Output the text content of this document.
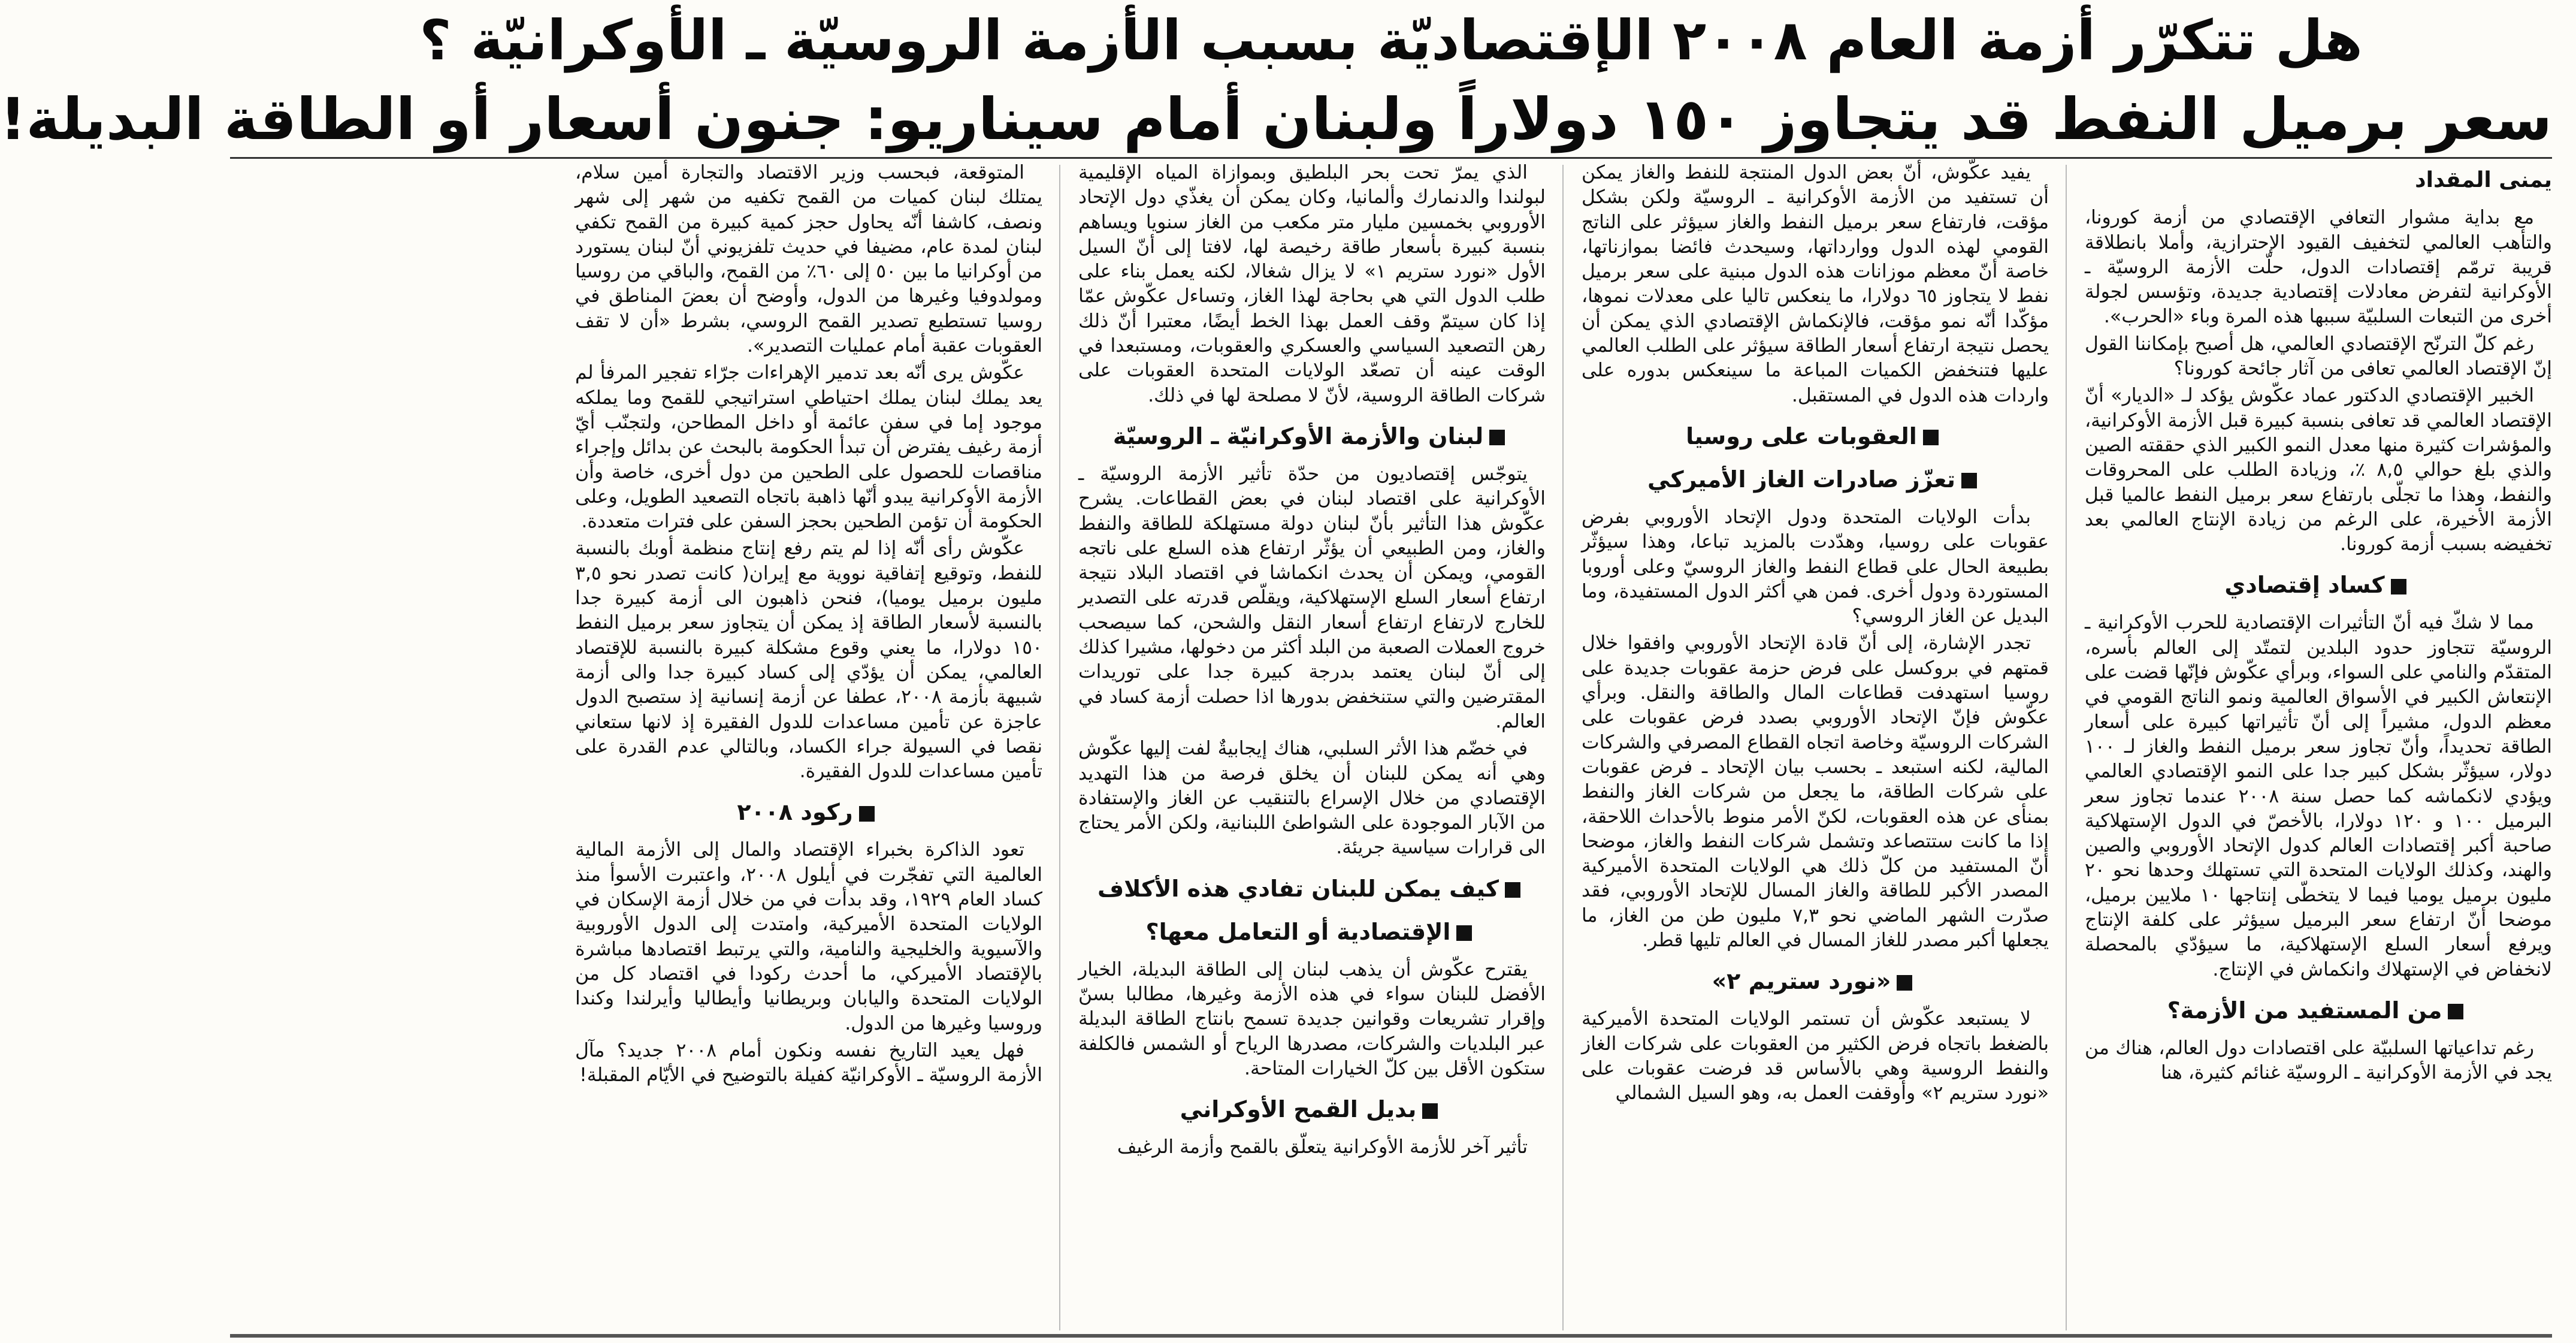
هل تتكرّر أزمة العام ٢٠٠٨ الإقتصاديّة بسبب الأزمة الروسيّة ـ الأوكرانيّة ؟
سعر برميل النفط قد يتجاوز ١٥٠ دولاراً ولبنان أمام سيناريو: جنون أسعار أو الطاقة البديلة!
يمنى المقداد

مع بداية مشوار التعافي الإقتصادي من أزمة كورونا، والتأهب العالمي لتخفيف القيود الإحترازية، وأملا بانطلاقة قريبة ترمّم إقتصادات الدول، حلّت الأزمة الروسيّة ـ الأوكرانية لتفرض معادلات إقتصادية جديدة، وتؤسس لجولة أخرى من التبعات السلبيّة سببها هذه المرة وباء «الحرب».

رغم كلّ الترنّح الإقتصادي العالمي، هل أصبح بإمكاننا القول إنّ الإقتصاد العالمي تعافى من آثار جائحة كورونا؟

الخبير الإقتصادي الدكتور عماد عكّوش يؤكد لـ «الديار» أنّ الإقتصاد العالمي قد تعافى بنسبة كبيرة قبل الأزمة الأوكرانية، والمؤشرات كثيرة منها معدل النمو الكبير الذي حققته الصين والذي بلغ حوالي ٨,٥ ٪، وزيادة الطلب على المحروقات والنفط، وهذا ما تجلّى بارتفاع سعر برميل النفط عالميا قبل الأزمة الأخيرة، على الرغم من زيادة الإنتاج العالمي بعد تخفيضه بسبب أزمة كورونا.

كساد إقتصادي

مما لا شكّ فيه أنّ التأثيرات الإقتصادية للحرب الأوكرانية ـ الروسيّة تتجاوز حدود البلدين لتمتّد إلى العالم بأسره، المتقدّم والنامي على السواء، وبرأي عكّوش فإنّها قضت على الإنتعاش الكبير في الأسواق العالمية ونمو الناتج القومي في معظم الدول، مشيراً إلى أنّ تأثيراتها كبيرة على أسعار الطاقة تحديداً، وأنّ تجاوز سعر برميل النفط والغاز لـ ١٠٠ دولار، سيؤثّر بشكل كبير جدا على النمو الإقتصادي العالمي ويؤدي لانكماشه كما حصل سنة ٢٠٠٨ عندما تجاوز سعر البرميل ١٠٠ و ١٢٠ دولارا، بالأخصّ في الدول الإستهلاكية صاحبة أكبر إقتصادات العالم كدول الإتحاد الأوروبي والصين والهند، وكذلك الولايات المتحدة التي تستهلك وحدها نحو ٢٠ مليون برميل يوميا فيما لا يتخطّى إنتاجها ١٠ ملايين برميل، موضحا أنّ ارتفاع سعر البرميل سيؤثر على كلفة الإنتاج ويرفع أسعار السلع الإستهلاكية، ما سيؤدّي بالمحصلة لانخفاض في الإستهلاك وانكماش في الإنتاج.

من المستفيد من الأزمة؟

رغم تداعياتها السلبيّة على اقتصادات دول العالم، هناك من يجد في الأزمة الأوكرانية ـ الروسيّة غنائم كثيرة، هنا

يفيد عكّوش، أنّ بعض الدول المنتجة للنفط والغاز يمكن أن تستفيد من الأزمة الأوكرانية ـ الروسيّة ولكن بشكل مؤقت، فارتفاع سعر برميل النفط والغاز سيؤثر على الناتج القومي لهذه الدول ووارداتها، وسيحدث فائضا بموازناتها، خاصة أنّ معظم موزانات هذه الدول مبنية على سعر برميل نفط لا يتجاوز ٦٥ دولارا، ما ينعكس تاليا على معدلات نموها، مؤكّدا أنّه نمو مؤقت، فالإنكماش الإقتصادي الذي يمكن أن يحصل نتيجة ارتفاع أسعار الطاقة سيؤثر على الطلب العالمي عليها فتنخفض الكميات المباعة ما سينعكس بدوره على واردات هذه الدول في المستقبل.

العقوبات على روسيا
تعزّز صادرات الغاز الأميركي

بدأت الولايات المتحدة ودول الإتحاد الأوروبي بفرض عقوبات على روسيا، وهدّدت بالمزيد تباعا، وهذا سيؤثّر بطبيعة الحال على قطاع النفط والغاز الروسيّ وعلى أوروبا المستوردة ودول أخرى. فمن هي أكثر الدول المستفيدة، وما البديل عن الغاز الروسي؟

تجدر الإشارة، إلى أنّ قادة الإتحاد الأوروبي وافقوا خلال قمتهم في بروكسل على فرض حزمة عقوبات جديدة على روسيا استهدفت قطاعات المال والطاقة والنقل. وبرأي عكّوش فإنّ الإتحاد الأوروبي بصدد فرض عقوبات على الشركات الروسيّة وخاصة اتجاه القطاع المصرفي والشركات المالية، لكنه استبعد ـ بحسب بيان الإتحاد ـ فرض عقوبات على شركات الطاقة، ما يجعل من شركات الغاز والنفط بمنأى عن هذه العقوبات، لكنّ الأمر منوط بالأحداث اللاحقة، إذا ما كانت ستتصاعد وتشمل شركات النفط والغاز، موضحا أنّ المستفيد من كلّ ذلك هي الولايات المتحدة الأميركية المصدر الأكبر للطاقة والغاز المسال للإتحاد الأوروبي، فقد صدّرت الشهر الماضي نحو ٧,٣ مليون طن من الغاز، ما يجعلها أكبر مصدر للغاز المسال في العالم تليها قطر.

«نورد ستريم ٢»

لا يستبعد عكّوش أن تستمر الولايات المتحدة الأميركية بالضغط باتجاه فرض الكثير من العقوبات على شركات الغاز والنفط الروسية وهي بالأساس قد فرضت عقوبات على «نورد ستريم ٢» وأوقفت العمل به، وهو السيل الشمالي

الذي يمرّ تحت بحر البلطيق وبموازاة المياه الإقليمية لبولندا والدنمارك وألمانيا، وكان يمكن أن يغذّي دول الإتحاد الأوروبي بخمسين مليار متر مكعب من الغاز سنويا ويساهم بنسبة كبيرة بأسعار طاقة رخيصة لها، لافتا إلى أنّ السيل الأول «نورد ستريم ١» لا يزال شغالا، لكنه يعمل بناء على طلب الدول التي هي بحاجة لهذا الغاز، وتساءل عكّوش عمّا إذا كان سيتمّ وقف العمل بهذا الخط أيضًا، معتبرا أنّ ذلك رهن التصعيد السياسي والعسكري والعقوبات، ومستبعدا في الوقت عينه أن تصعّد الولايات المتحدة العقوبات على شركات الطاقة الروسية، لأنّ لا مصلحة لها في ذلك.

لبنان والأزمة الأوكرانيّة ـ الروسيّة

يتوجّس إقتصاديون من حدّة تأثير الأزمة الروسيّة ـ الأوكرانية على اقتصاد لبنان في بعض القطاعات. يشرح عكّوش هذا التأثير بأنّ لبنان دولة مستهلكة للطاقة والنفط والغاز، ومن الطبيعي أن يؤثّر ارتفاع هذه السلع على ناتجه القومي، ويمكن أن يحدث انكماشا في اقتصاد البلاد نتيجة ارتفاع أسعار السلع الإستهلاكية، ويقلّص قدرته على التصدير للخارج لارتفاع ارتفاع أسعار النقل والشحن، كما سيصحب خروج العملات الصعبة من البلد أكثر من دخولها، مشيرا كذلك إلى أنّ لبنان يعتمد بدرجة كبيرة جدا على توريدات المقترضين والتي ستنخفض بدورها اذا حصلت أزمة كساد في العالم.

في خضّم هذا الأثر السلبي، هناك إيجابيةٌ لفت إليها عكّوش وهي أنه يمكن للبنان أن يخلق فرصة من هذا التهديد الإقتصادي من خلال الإسراع بالتنقيب عن الغاز والإستفادة من الآبار الموجودة على الشواطئ اللبنانية، ولكن الأمر يحتاج الى قرارات سياسية جريئة.

كيف يمكن للبنان تفادي هذه الأكلاف
الإقتصادية أو التعامل معها؟

يقترح عكّوش أن يذهب لبنان إلى الطاقة البديلة، الخيار الأفضل للبنان سواء في هذه الأزمة وغيرها، مطالبا بسنّ وإقرار تشريعات وقوانين جديدة تسمح بانتاج الطاقة البديلة عبر البلديات والشركات، مصدرها الرياح أو الشمس فالكلفة ستكون الأقل بين كلّ الخيارات المتاحة.

بديل القمح الأوكراني

تأثير آخر للأزمة الأوكرانية يتعلّق بالقمح وأزمة الرغيف

المتوقعة، فبحسب وزير الاقتصاد والتجارة أمين سلام، يمتلك لبنان كميات من القمح تكفيه من شهر إلى شهر ونصف، كاشفا أنّه يحاول حجز كمية كبيرة من القمح تكفي لبنان لمدة عام، مضيفا في حديث تلفزيوني أنّ لبنان يستورد من أوكرانيا ما بين ٥٠ إلى ٦٠٪ من القمح، والباقي من روسيا ومولدوفيا وغيرها من الدول، وأوضح أن بعضَ المناطق في روسيا تستطيع تصدير القمح الروسي، بشرط «أن لا تقف العقوبات عقبة أمام عمليات التصدير».

عكّوش يرى أنّه بعد تدمير الإهراءات جرّاء تفجير المرفأ لم يعد يملك لبنان يملك احتياطي استراتيجي للقمح وما يملكه موجود إما في سفن عائمة أو داخل المطاحن، ولتجنّب أيّ أزمة رغيف يفترض أن تبدأ الحكومة بالبحث عن بدائل وإجراء مناقصات للحصول على الطحين من دول أخرى، خاصة وأن الأزمة الأوكرانية يبدو أنّها ذاهبة باتجاه التصعيد الطويل، وعلى الحكومة أن تؤمن الطحين بحجز السفن على فترات متعددة.

عكّوش رأى أنّه إذا لم يتم رفع إنتاج منظمة أوبك بالنسبة للنفط، وتوقيع إتفاقية نووية مع إيران( كانت تصدر نحو ٣,٥ مليون برميل يوميا)، فنحن ذاهبون الى أزمة كبيرة جدا بالنسبة لأسعار الطاقة إذ يمكن أن يتجاوز سعر برميل النفط ١٥٠ دولارا، ما يعني وقوع مشكلة كبيرة بالنسبة للإقتصاد العالمي، يمكن أن يؤدّي إلى كساد كبيرة جدا والى أزمة شبيهة بأزمة ٢٠٠٨، عطفا عن أزمة إنسانية إذ ستصبح الدول عاجزة عن تأمين مساعدات للدول الفقيرة إذ لانها ستعاني نقصا في السيولة جراء الكساد، وبالتالي عدم القدرة على تأمين مساعدات للدول الفقيرة.

ركود ٢٠٠٨

تعود الذاكرة بخبراء الإقتصاد والمال إلى الأزمة المالية العالمية التي تفجّرت في أيلول ٢٠٠٨، واعتبرت الأسوأ منذ كساد العام ١٩٢٩، وقد بدأت في من خلال أزمة الإسكان في الولايات المتحدة الأميركية، وامتدت إلى الدول الأوروبية والآسيوية والخليجية والنامية، والتي يرتبط اقتصادها مباشرة بالإقتصاد الأميركي، ما أحدث ركودا في اقتصاد كل من الولايات المتحدة واليابان وبريطانيا وأيطاليا وأيرلندا وكندا وروسيا وغيرها من الدول.

فهل يعيد التاريخ نفسه ونكون أمام ٢٠٠٨ جديد؟ مآل الأزمة الروسيّة ـ الأوكرانيّة كفيلة بالتوضيح في الأيّام المقبلة!
